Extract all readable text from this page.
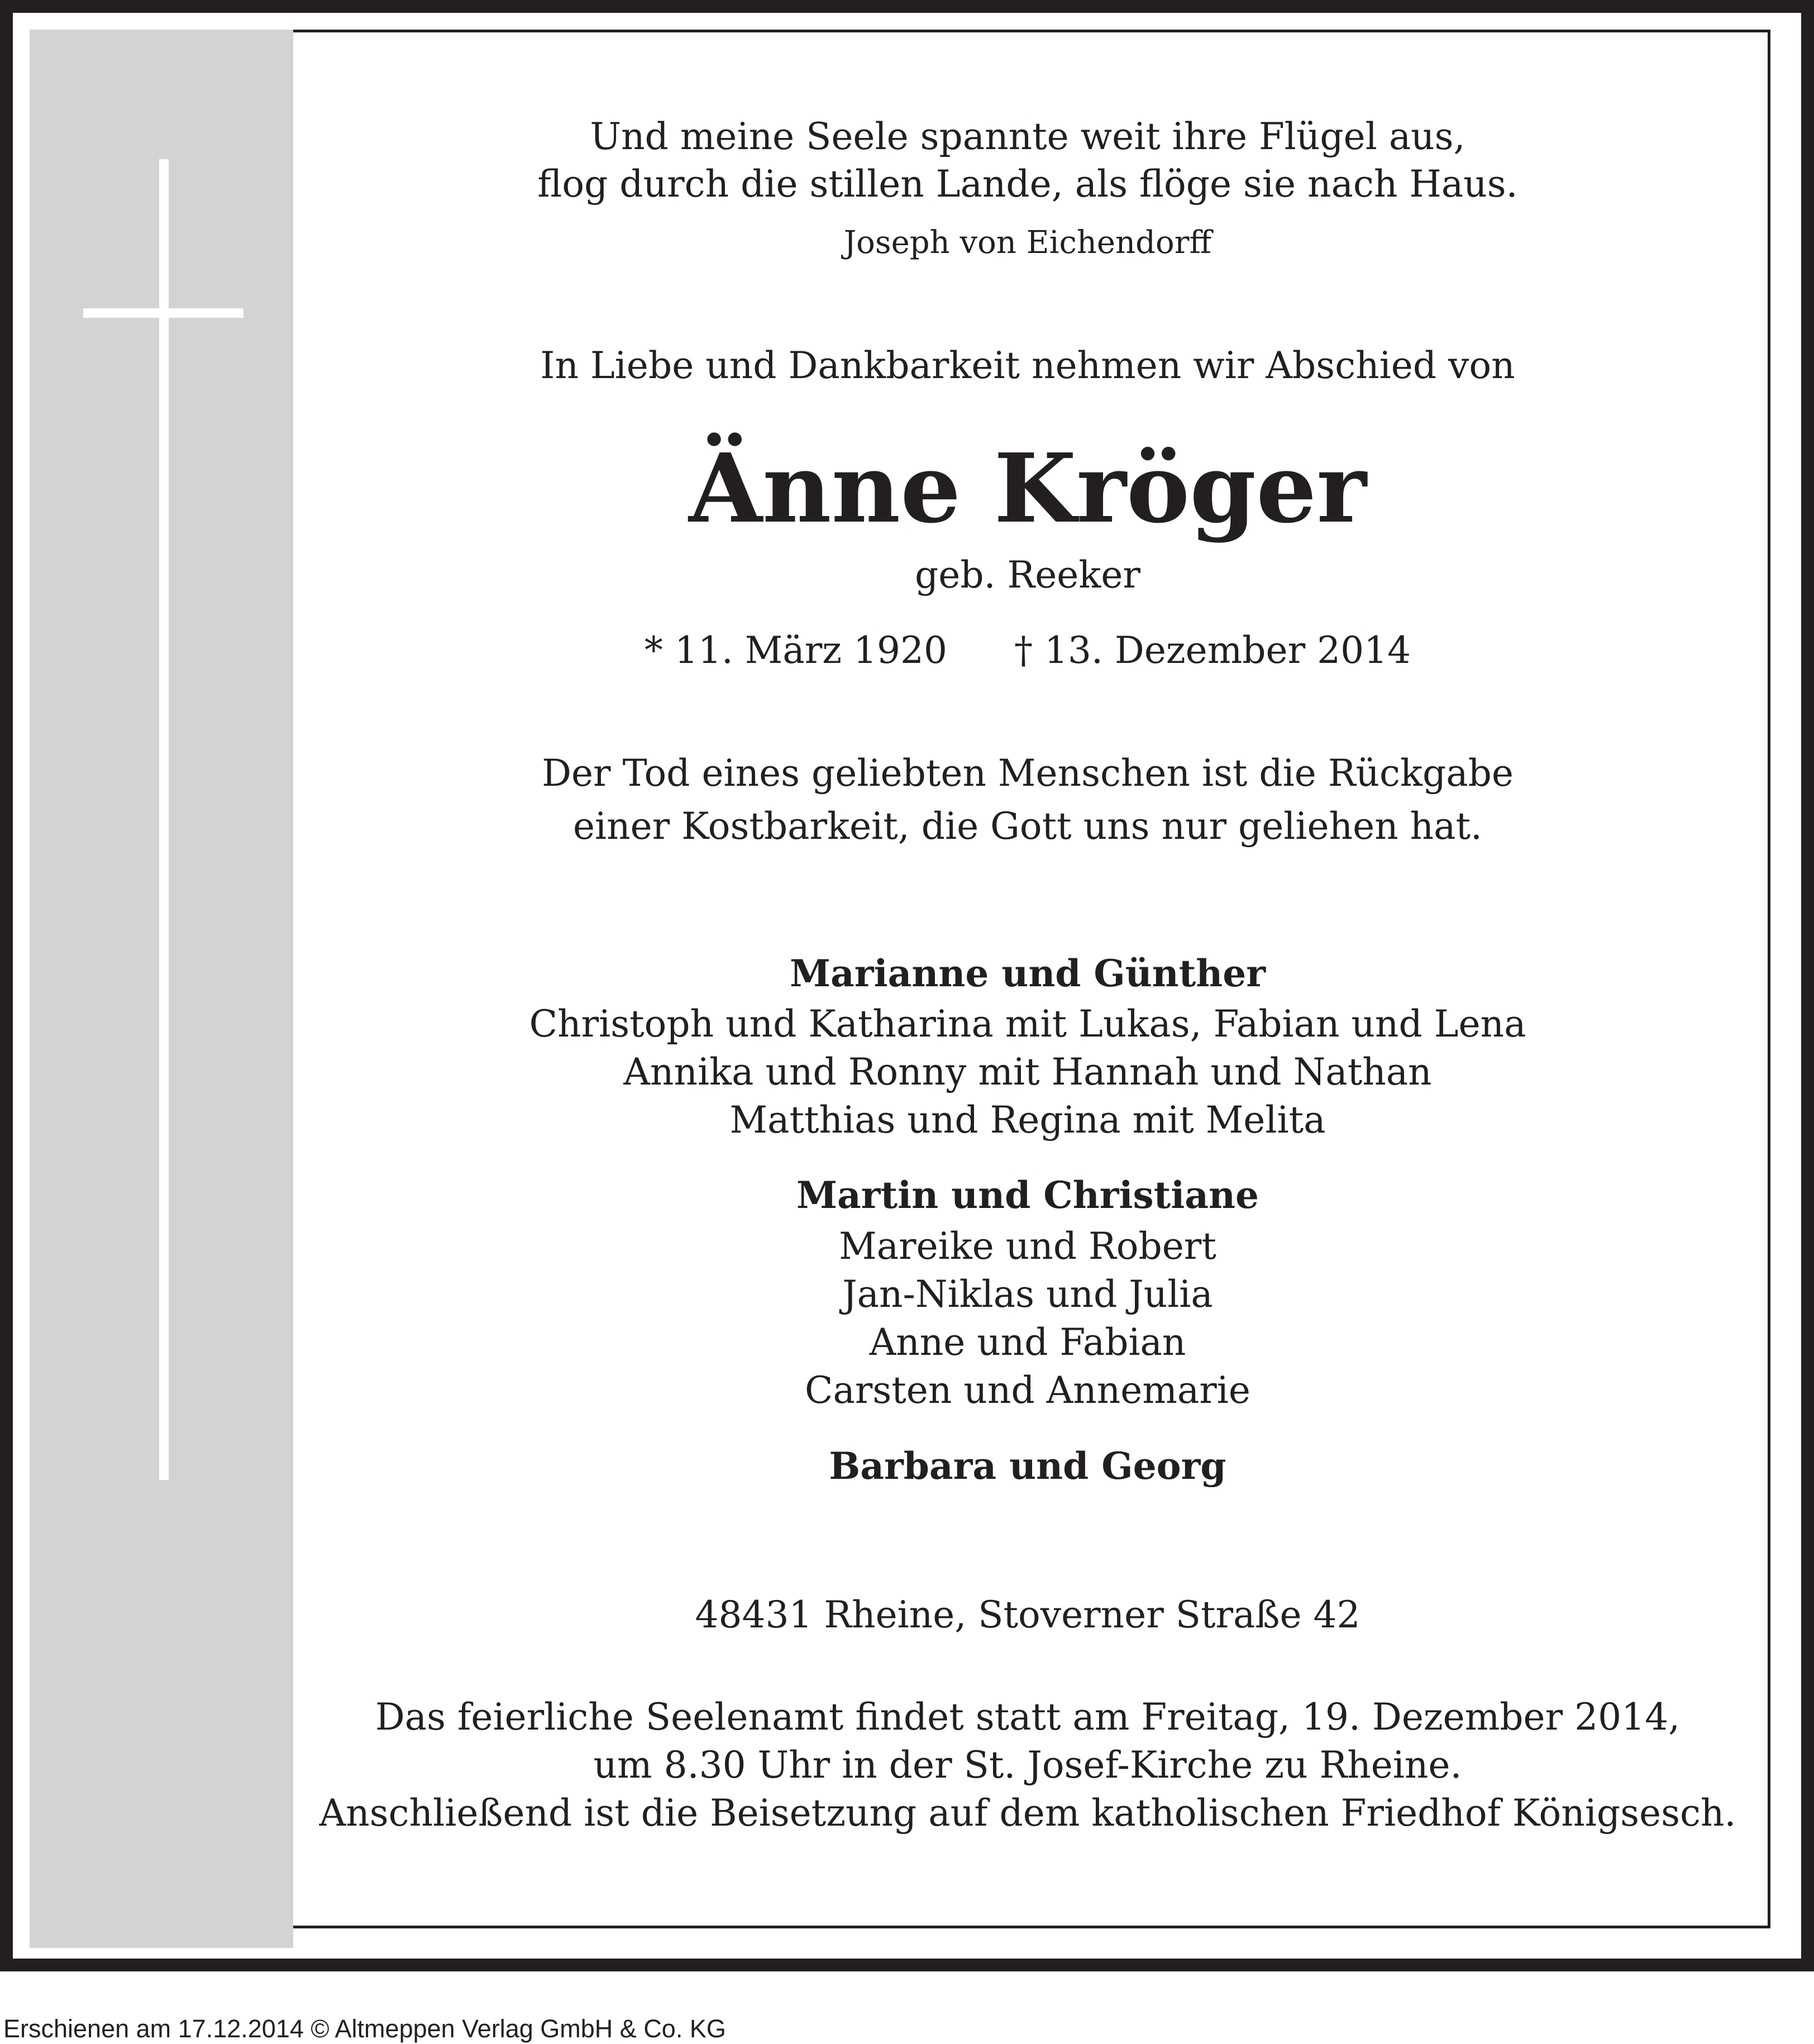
Und meine Seele spannte weit ihre Flügel aus,
flog durch die stillen Lande, als flöge sie nach Haus.
Joseph von Eichendorff
In Liebe und Dankbarkeit nehmen wir Abschied von
Änne Kröger
geb. Reeker
* 11. März 1920 † 13. Dezember 2014
Der Tod eines geliebten Menschen ist die Rückgabe
einer Kostbarkeit, die Gott uns nur geliehen hat.
Marianne und Günther
Christoph und Katharina mit Lukas, Fabian und Lena
Annika und Ronny mit Hannah und Nathan
Matthias und Regina mit Melita
Martin und Christiane
Mareike und Robert
Jan-Niklas und Julia
Anne und Fabian
Carsten und Annemarie
Barbara und Georg
48431 Rheine, Stoverner Straße 42
Das feierliche Seelenamt findet statt am Freitag, 19. Dezember 2014,
um 8.30 Uhr in der St. Josef-Kirche zu Rheine.
Anschließend ist die Beisetzung auf dem katholischen Friedhof Königsesch.
Erschienen am 17.12.2014 © Altmeppen Verlag GmbH & Co. KG
